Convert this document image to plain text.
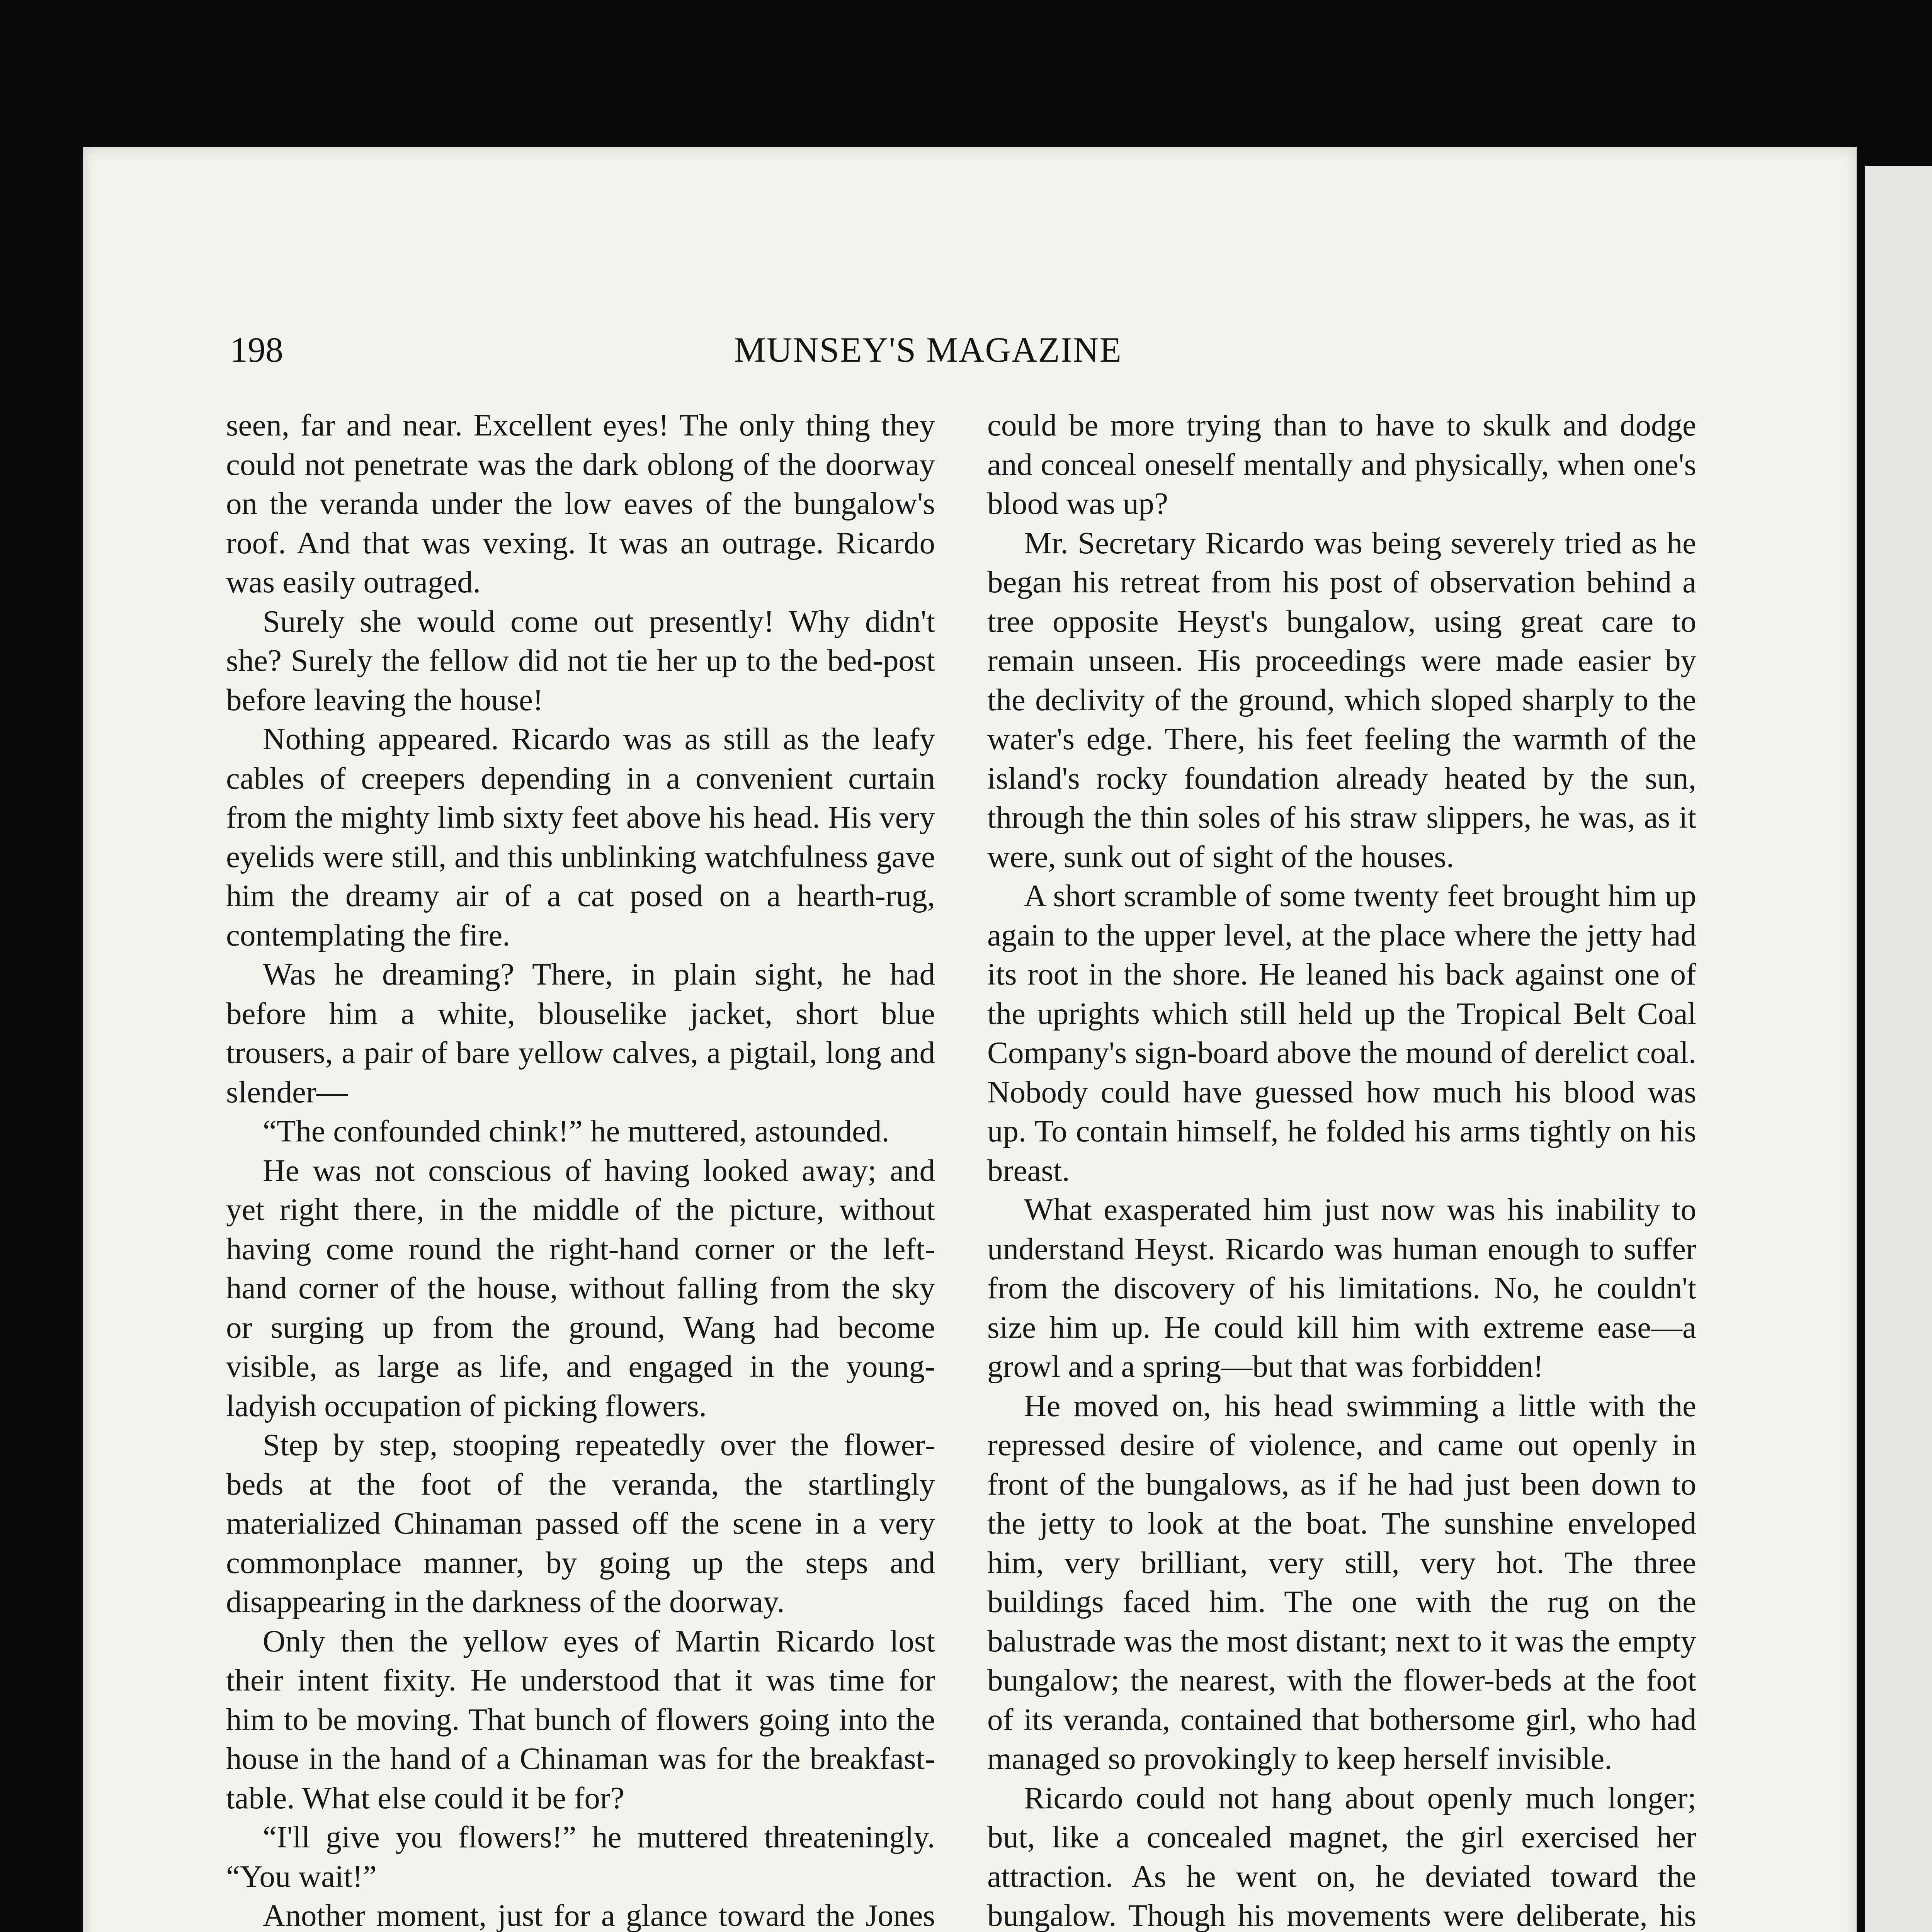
198	MUNSEY'S MAGAZINE

seen, far and near. Excellent eyes! The only thing they could not penetrate was the dark oblong of the doorway on the veranda under the low eaves of the bungalow's roof. And that was vexing. It was an outrage. Ricardo was easily outraged.

Surely she would come out presently! Why didn't she? Surely the fellow did not tie her up to the bed-post before leaving the house!

Nothing appeared. Ricardo was as still as the leafy cables of creepers depending in a convenient curtain from the mighty limb sixty feet above his head. His very eyelids were still, and this unblinking watchfulness gave him the dreamy air of a cat posed on a hearth-rug, contemplating the fire.

Was he dreaming? There, in plain sight, he had before him a white, blouselike jacket, short blue trousers, a pair of bare yellow calves, a pigtail, long and slender—

“The confounded chink!” he muttered, astounded.

He was not conscious of having looked away; and yet right there, in the middle of the picture, without having come round the right-hand corner or the left-hand corner of the house, without falling from the sky or surging up from the ground, Wang had become visible, as large as life, and engaged in the young-ladyish occupation of picking flowers.

Step by step, stooping repeatedly over the flower-beds at the foot of the veranda, the startlingly materialized Chinaman passed off the scene in a very commonplace manner, by going up the steps and disappearing in the darkness of the doorway.

Only then the yellow eyes of Martin Ricardo lost their intent fixity. He understood that it was time for him to be moving. That bunch of flowers going into the house in the hand of a Chinaman was for the breakfast-table. What else could it be for?

“I'll give you flowers!” he muttered threateningly. “You wait!”

Another moment, just for a glance toward the Jones

could be more trying than to have to skulk and dodge and conceal oneself mentally and physically, when one's blood was up?

Mr. Secretary Ricardo was being severely tried as he began his retreat from his post of observation behind a tree opposite Heyst's bungalow, using great care to remain unseen. His proceedings were made easier by the declivity of the ground, which sloped sharply to the water's edge. There, his feet feeling the warmth of the island's rocky foundation already heated by the sun, through the thin soles of his straw slippers, he was, as it were, sunk out of sight of the houses.

A short scramble of some twenty feet brought him up again to the upper level, at the place where the jetty had its root in the shore. He leaned his back against one of the uprights which still held up the Tropical Belt Coal Company's sign-board above the mound of derelict coal. Nobody could have guessed how much his blood was up. To contain himself, he folded his arms tightly on his breast.

What exasperated him just now was his inability to understand Heyst. Ricardo was human enough to suffer from the discovery of his limitations. No, he couldn't size him up. He could kill him with extreme ease—a growl and a spring—but that was forbidden!

He moved on, his head swimming a little with the repressed desire of violence, and came out openly in front of the bungalows, as if he had just been down to the jetty to look at the boat. The sunshine enveloped him, very brilliant, very still, very hot. The three buildings faced him. The one with the rug on the balustrade was the most distant; next to it was the empty bungalow; the nearest, with the flower-beds at the foot of its veranda, contained that bothersome girl, who had managed so provokingly to keep herself invisible.

Ricardo could not hang about openly much longer; but, like a concealed magnet, the girl exercised her attraction. As he went on, he deviated toward the bungalow. Though his movements were deliberate, his
